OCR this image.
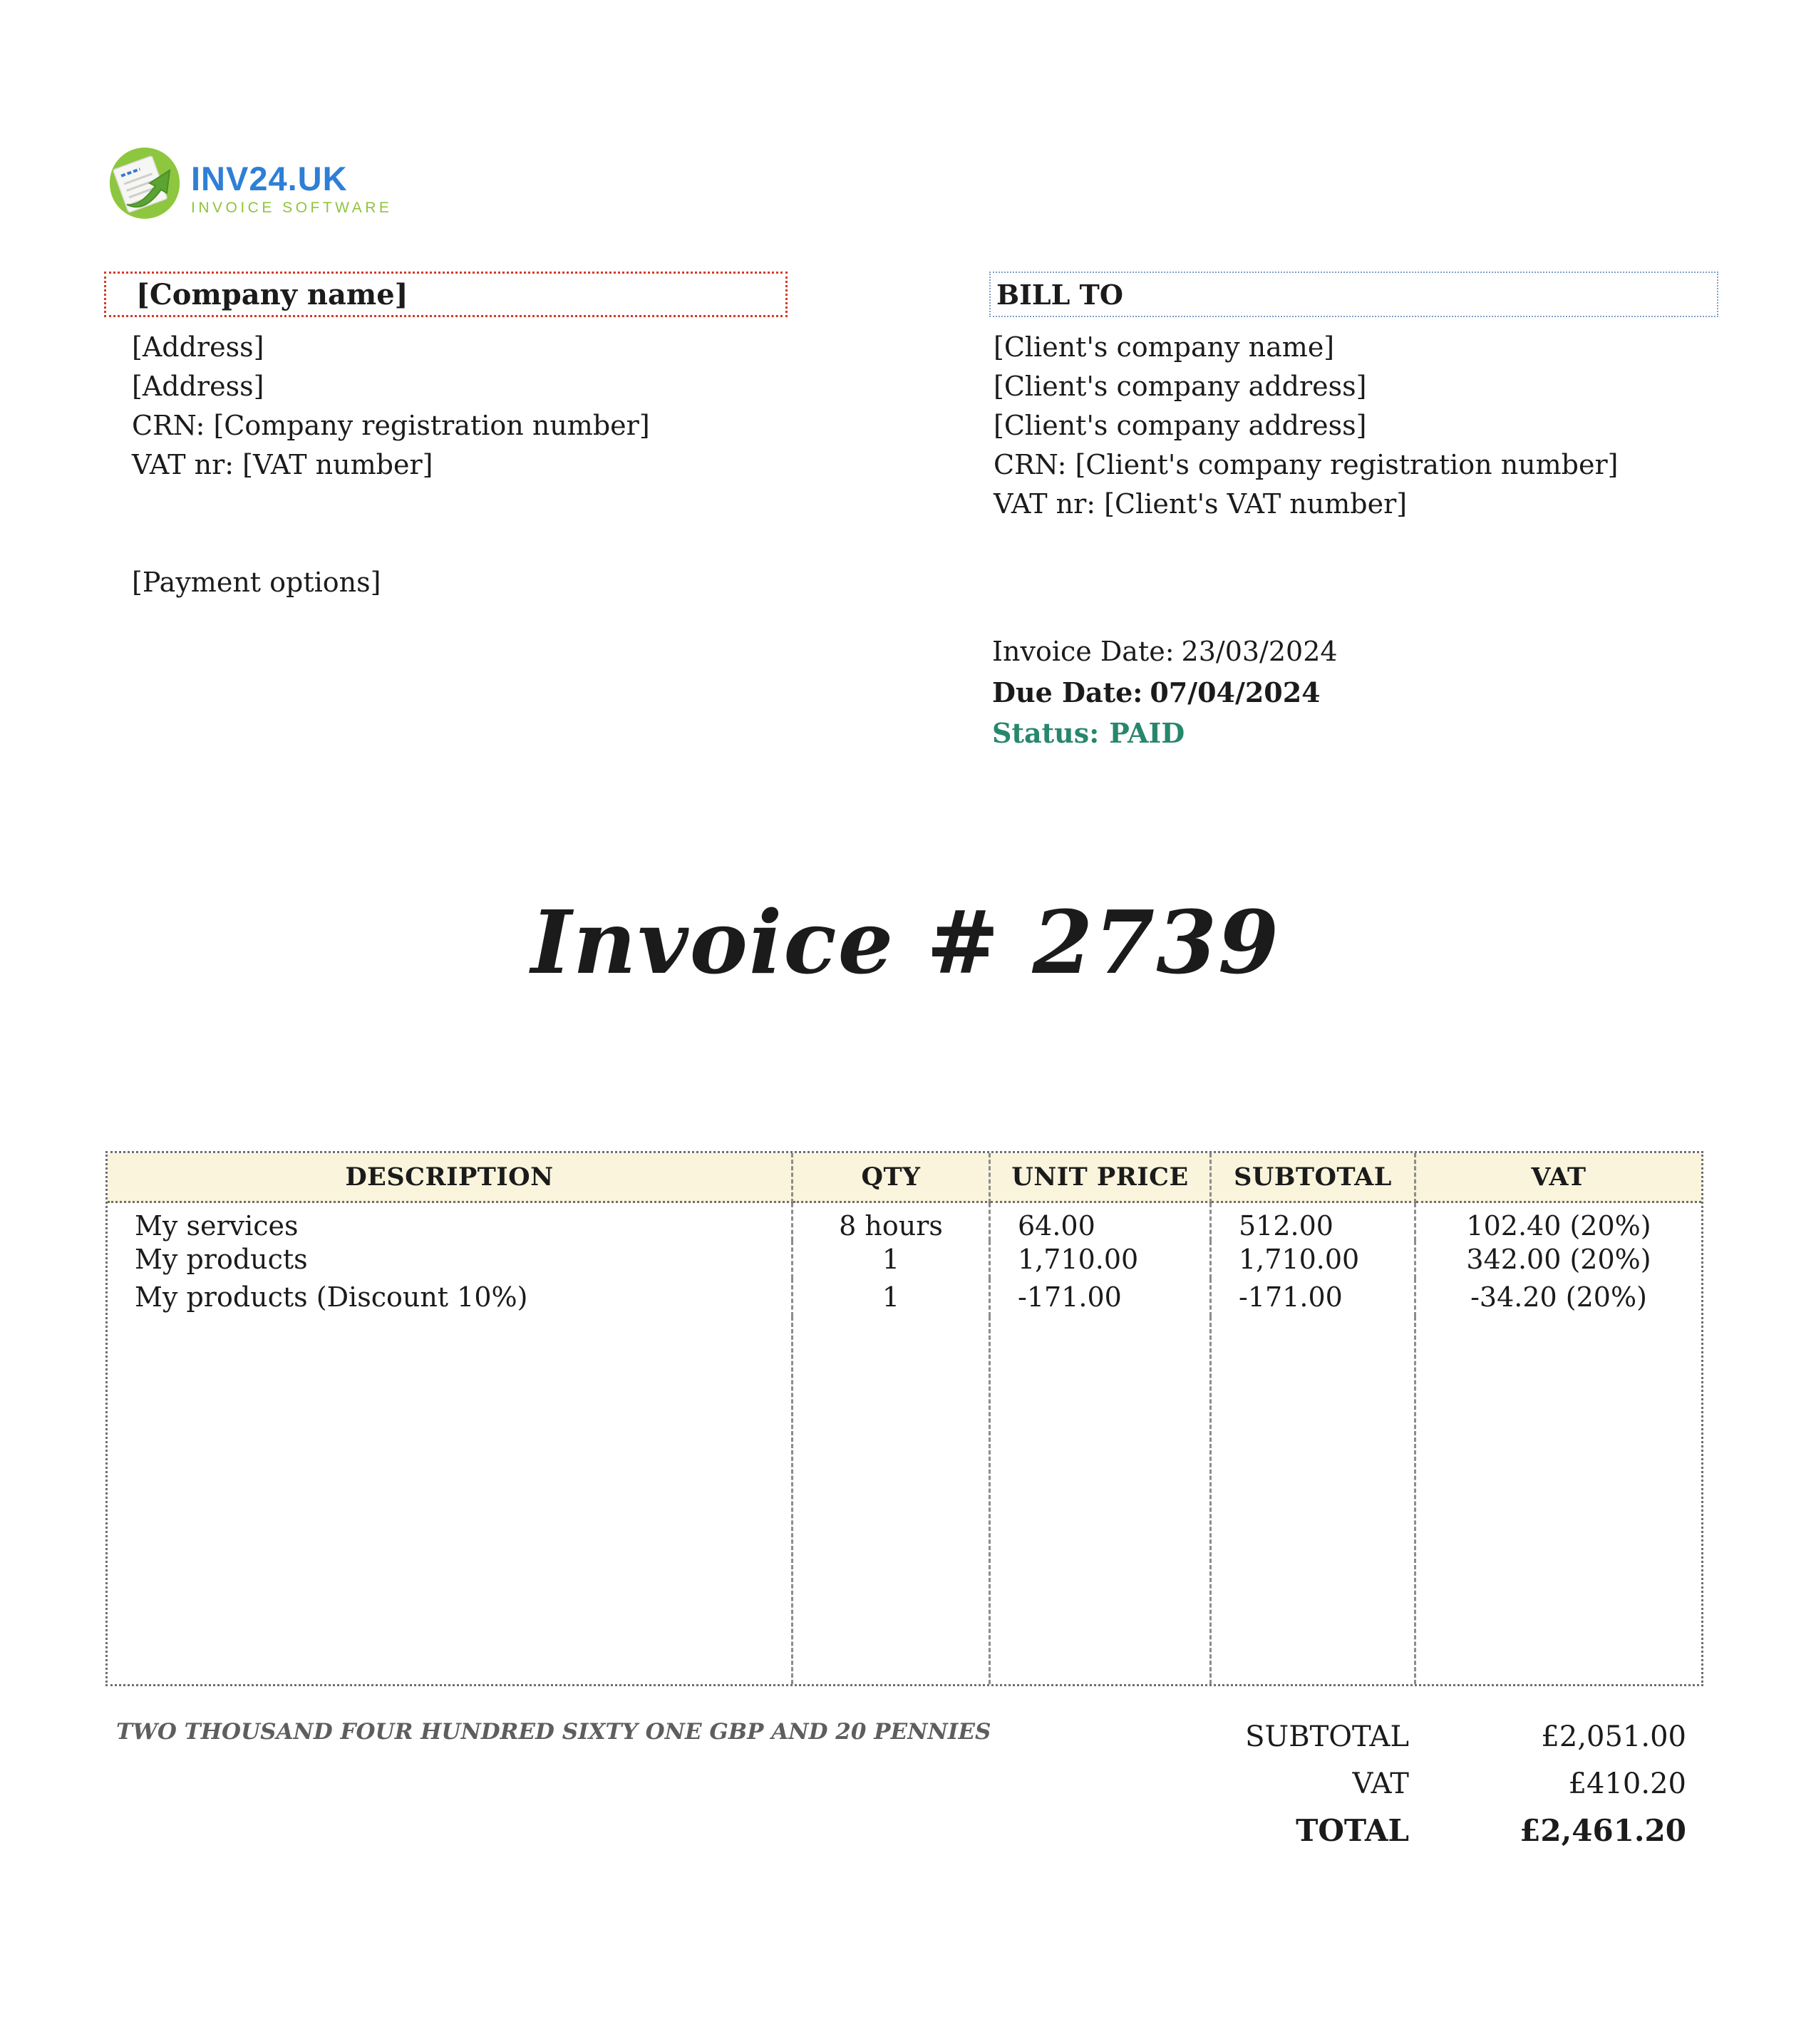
INV24.UK
INVOICE SOFTWARE
[Company name]
[Address]
[Address]
CRN: [Company registration number]
VAT nr: [VAT number]
[Payment options]
BILL TO
[Client's company name]
[Client's company address]
[Client's company address]
CRN: [Client's company registration number]
VAT nr: [Client's VAT number]
Invoice Date: 23/03/2024
Due Date: 07/04/2024
Status: PAID
Invoice # 2739
DESCRIPTION	QTY	UNIT PRICE	SUBTOTAL	VAT
My services	8 hours	64.00	512.00	102.40 (20%)
My products	1	1,710.00	1,710.00	342.00 (20%)
My products (Discount 10%)	1	-171.00	-171.00	-34.20 (20%)
TWO THOUSAND FOUR HUNDRED SIXTY ONE GBP AND 20 PENNIES	SUBTOTAL	£2,051.00
VAT	£410.20
TOTAL	£2,461.20
